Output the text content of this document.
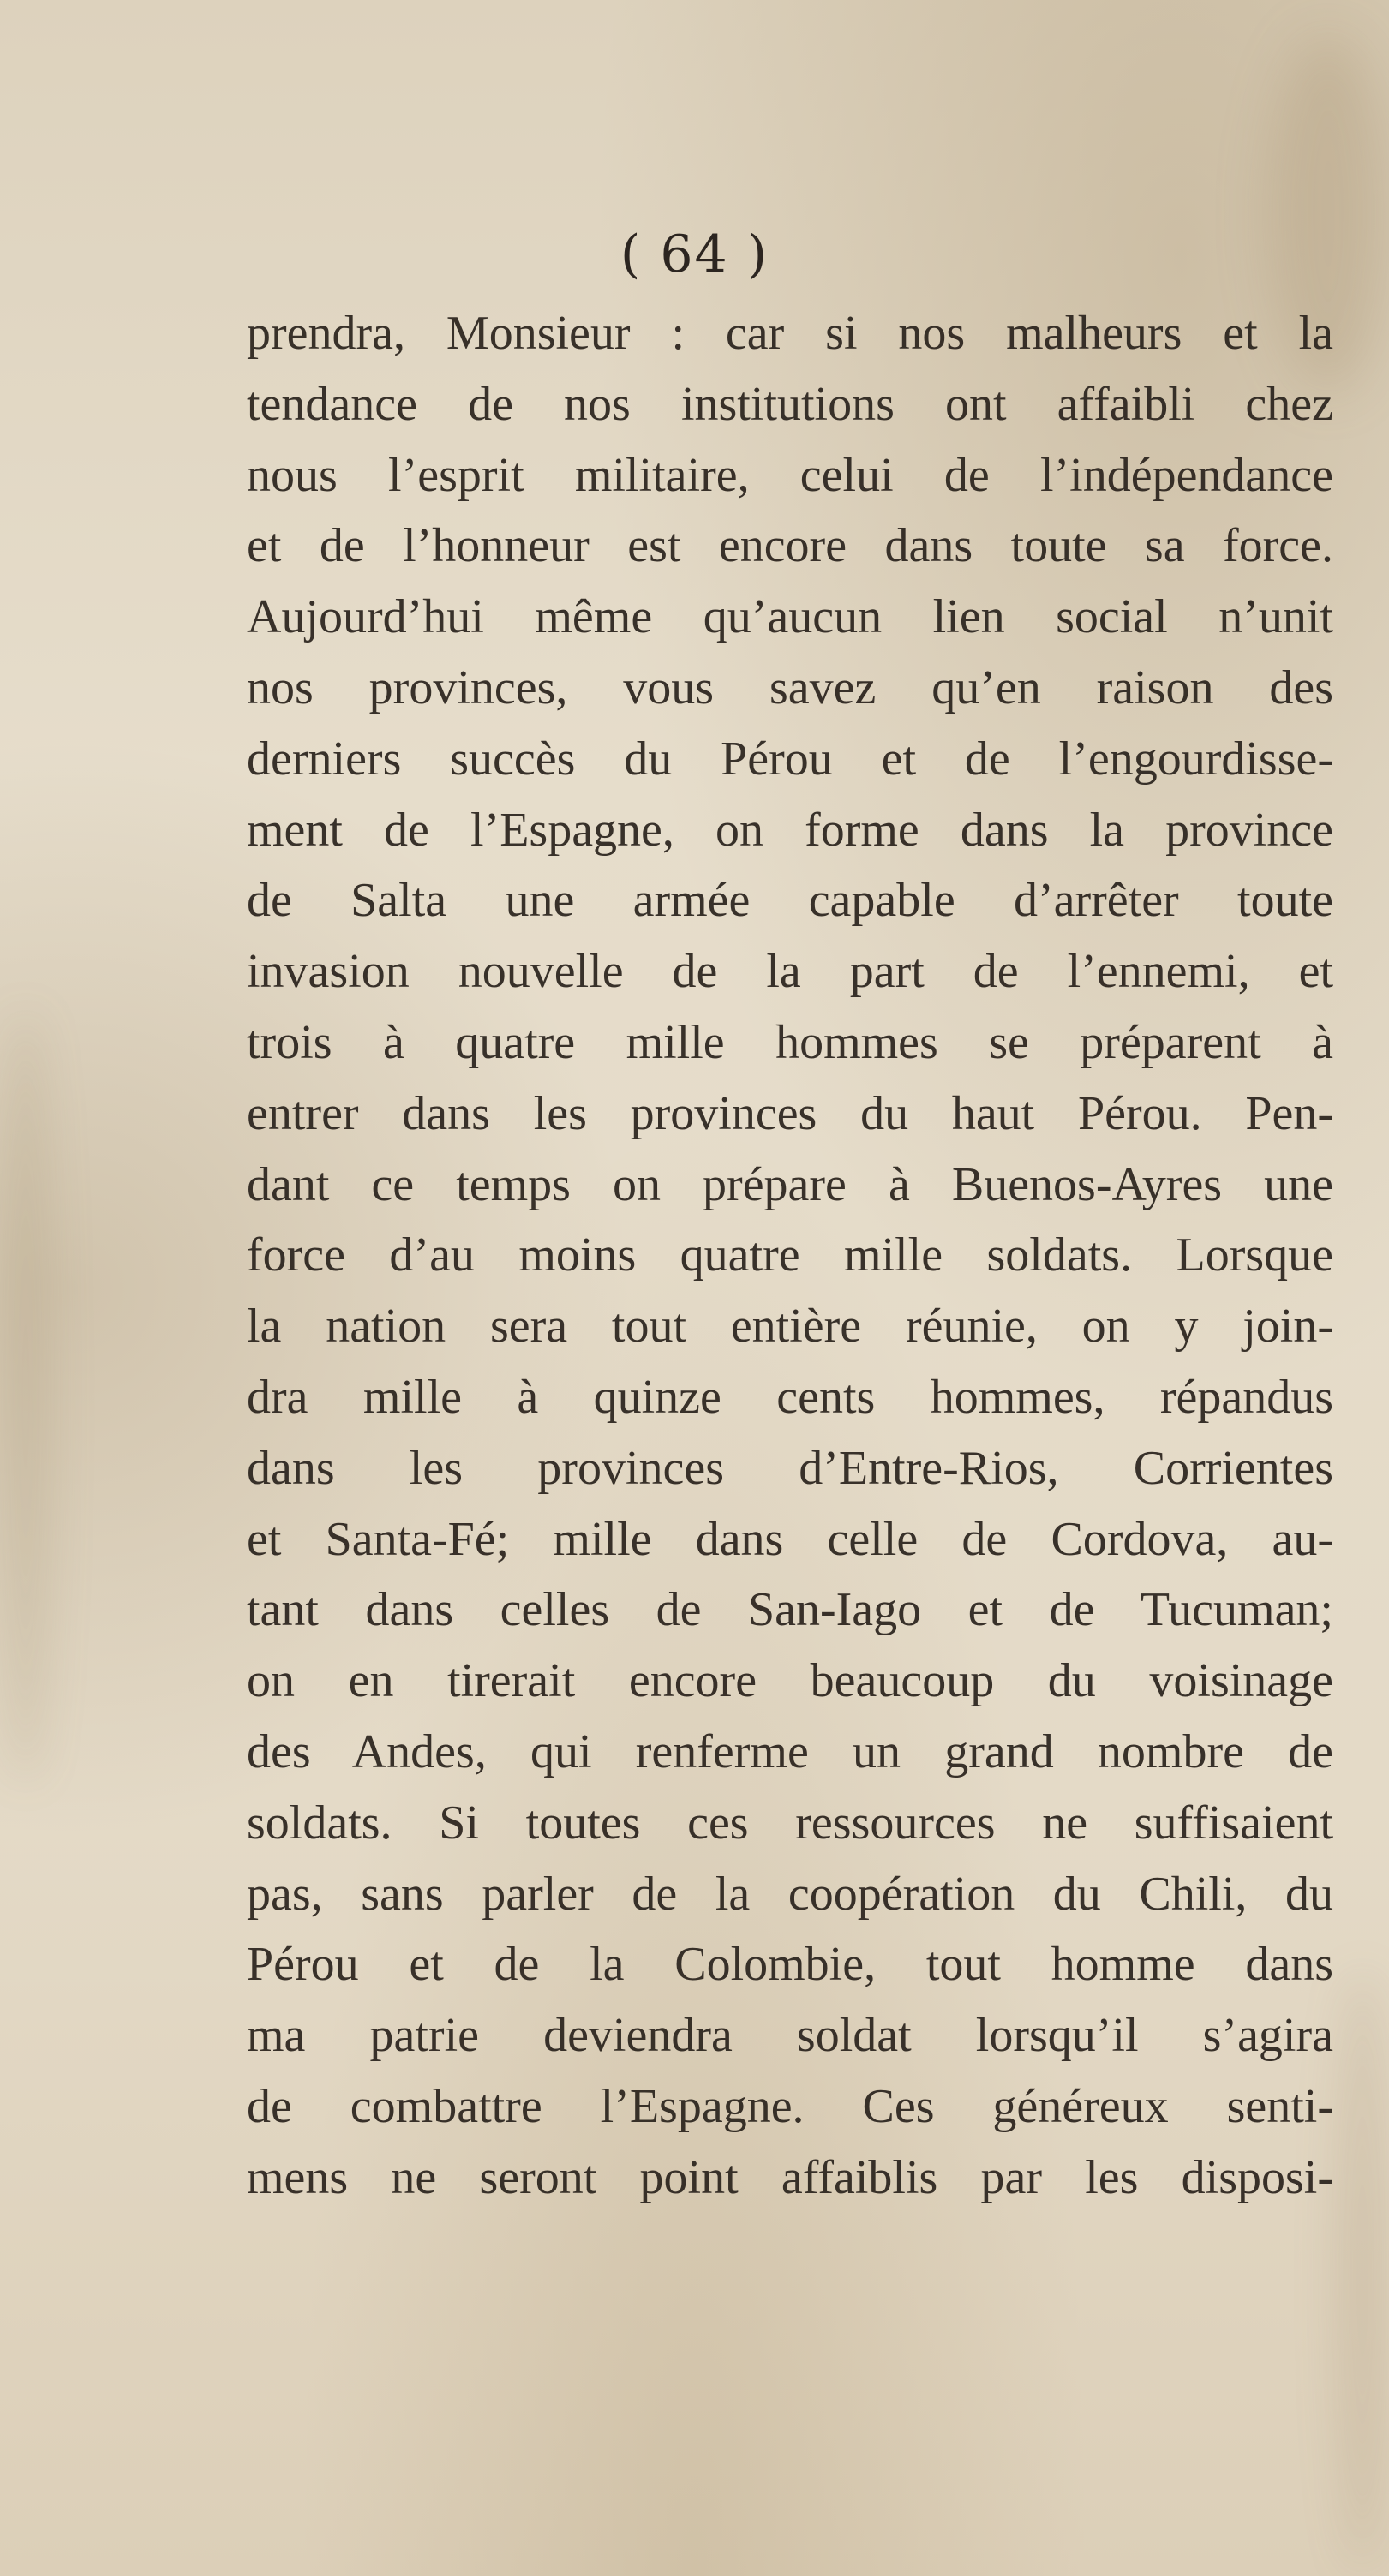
( 64 )
prendra, Monsieur : car si nos malheurs et la
tendance de nos institutions ont affaibli chez
nous l’esprit militaire, celui de l’indépendance
et de l’honneur est encore dans toute sa force.
Aujourd’hui même qu’aucun lien social n’unit
nos provinces, vous savez qu’en raison des
derniers succès du Pérou et de l’engourdisse-
ment de l’Espagne, on forme dans la province
de Salta une armée capable d’arrêter toute
invasion nouvelle de la part de l’ennemi, et
trois à quatre mille hommes se préparent à
entrer dans les provinces du haut Pérou. Pen-
dant ce temps on prépare à Buenos-Ayres une
force d’au moins quatre mille soldats. Lorsque
la nation sera tout entière réunie, on y join-
dra mille à quinze cents hommes, répandus
dans les provinces d’Entre-Rios, Corrientes
et Santa-Fé; mille dans celle de Cordova, au-
tant dans celles de San-Iago et de Tucuman;
on en tirerait encore beaucoup du voisinage
des Andes, qui renferme un grand nombre de
soldats. Si toutes ces ressources ne suffisaient
pas, sans parler de la coopération du Chili, du
Pérou et de la Colombie, tout homme dans
ma patrie deviendra soldat lorsqu’il s’agira
de combattre l’Espagne. Ces généreux senti-
mens ne seront point affaiblis par les disposi-
